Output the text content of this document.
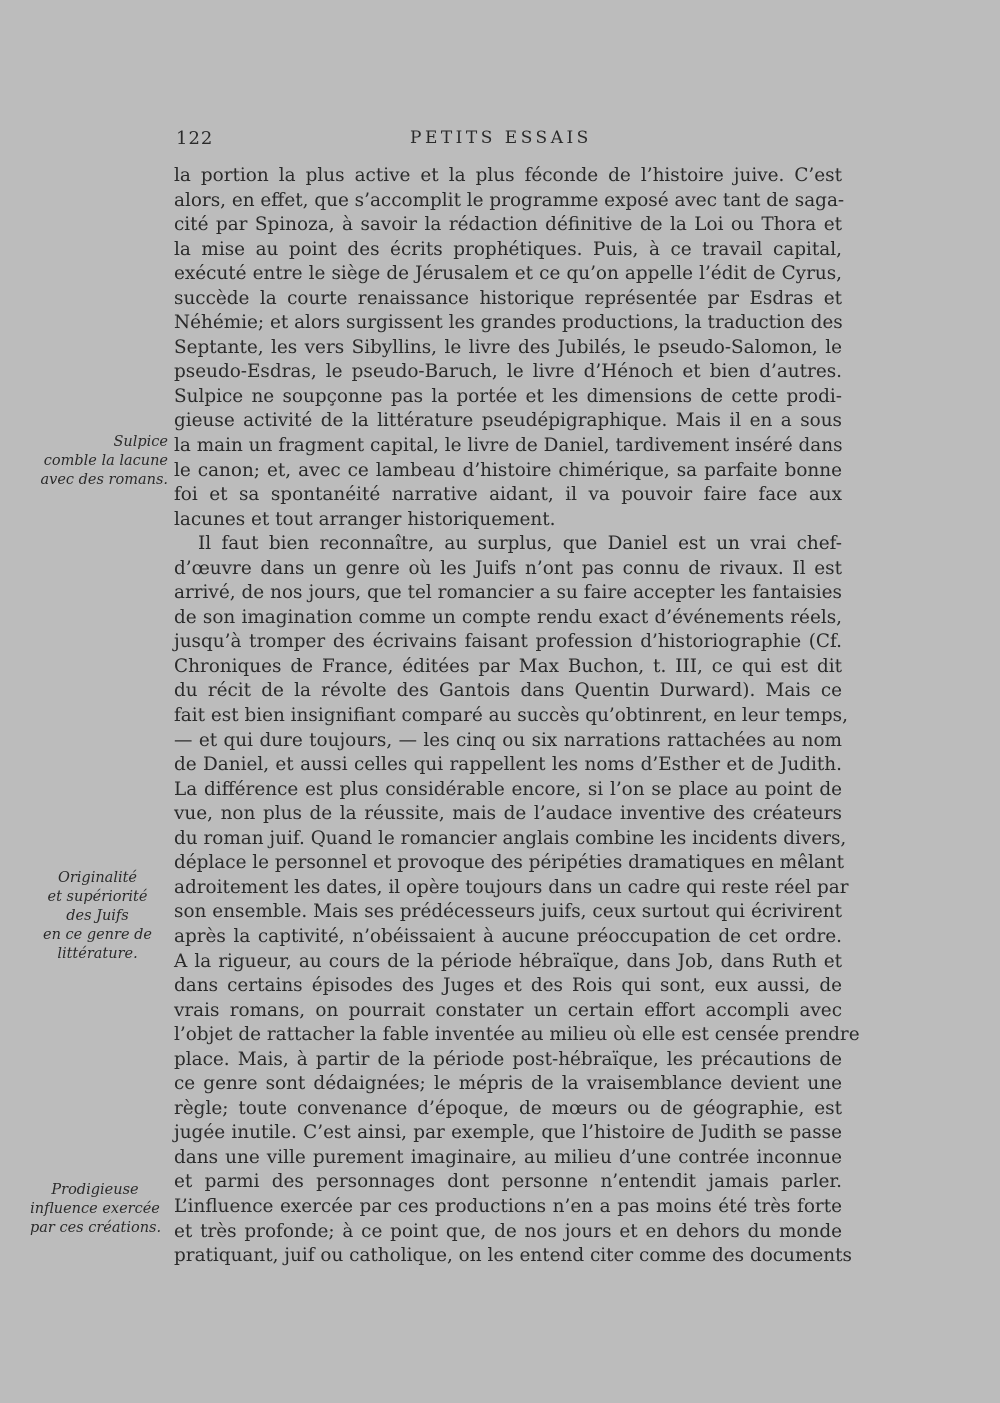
122	PETITS ESSAIS
Sulpice
comble la lacune
avec des romans.
Originalité
et supériorité
des Juifs
en ce genre de
littérature.
Prodigieuse
influence exercée
par ces créations.
la portion la plus active et la plus féconde de l’histoire juive. C’est
alors, en effet, que s’accomplit le programme exposé avec tant de saga-
cité par Spinoza, à savoir la rédaction définitive de la Loi ou Thora et
la mise au point des écrits prophétiques. Puis, à ce travail capital,
exécuté entre le siège de Jérusalem et ce qu’on appelle l’édit de Cyrus,
succède la courte renaissance historique représentée par Esdras et
Néhémie; et alors surgissent les grandes productions, la traduction des
Septante, les vers Sibyllins, le livre des Jubilés, le pseudo-Salomon, le
pseudo-Esdras, le pseudo-Baruch, le livre d’Hénoch et bien d’autres.
Sulpice ne soupçonne pas la portée et les dimensions de cette prodi-
gieuse activité de la littérature pseudépigraphique. Mais il en a sous
la main un fragment capital, le livre de Daniel, tardivement inséré dans
le canon; et, avec ce lambeau d’histoire chimérique, sa parfaite bonne
foi et sa spontanéité narrative aidant, il va pouvoir faire face aux
lacunes et tout arranger historiquement.
Il faut bien reconnaître, au surplus, que Daniel est un vrai chef-
d’œuvre dans un genre où les Juifs n’ont pas connu de rivaux. Il est
arrivé, de nos jours, que tel romancier a su faire accepter les fantaisies
de son imagination comme un compte rendu exact d’événements réels,
jusqu’à tromper des écrivains faisant profession d’historiographie (Cf.
Chroniques de France, éditées par Max Buchon, t. III, ce qui est dit
du récit de la révolte des Gantois dans Quentin Durward). Mais ce
fait est bien insignifiant comparé au succès qu’obtinrent, en leur temps,
— et qui dure toujours, — les cinq ou six narrations rattachées au nom
de Daniel, et aussi celles qui rappellent les noms d’Esther et de Judith.
La différence est plus considérable encore, si l’on se place au point de
vue, non plus de la réussite, mais de l’audace inventive des créateurs
du roman juif. Quand le romancier anglais combine les incidents divers,
déplace le personnel et provoque des péripéties dramatiques en mêlant
adroitement les dates, il opère toujours dans un cadre qui reste réel par
son ensemble. Mais ses prédécesseurs juifs, ceux surtout qui écrivirent
après la captivité, n’obéissaient à aucune préoccupation de cet ordre.
A la rigueur, au cours de la période hébraïque, dans Job, dans Ruth et
dans certains épisodes des Juges et des Rois qui sont, eux aussi, de
vrais romans, on pourrait constater un certain effort accompli avec
l’objet de rattacher la fable inventée au milieu où elle est censée prendre
place. Mais, à partir de la période post-hébraïque, les précautions de
ce genre sont dédaignées; le mépris de la vraisemblance devient une
règle; toute convenance d’époque, de mœurs ou de géographie, est
jugée inutile. C’est ainsi, par exemple, que l’histoire de Judith se passe
dans une ville purement imaginaire, au milieu d’une contrée inconnue
et parmi des personnages dont personne n’entendit jamais parler.
L’influence exercée par ces productions n’en a pas moins été très forte
et très profonde; à ce point que, de nos jours et en dehors du monde
pratiquant, juif ou catholique, on les entend citer comme des documents
